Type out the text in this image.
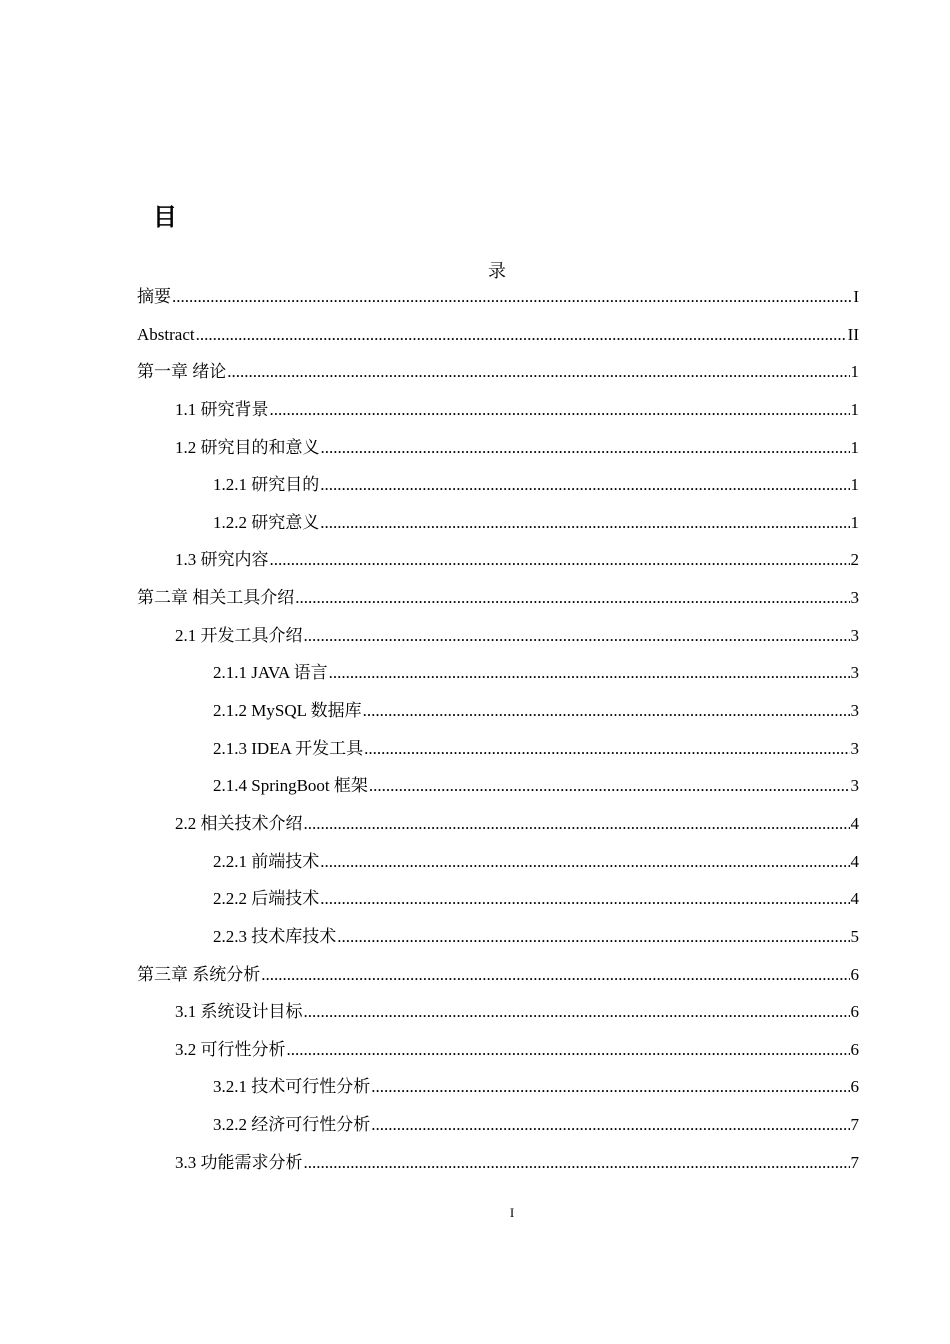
目
录
摘要 .....	I
Abstract .....	II
第一章 绪论 .....	1
1.1 研究背景 .....	1
1.2 研究目的和意义 .....	1
1.2.1 研究目的 .....	1
1.2.2 研究意义 .....	1
1.3 研究内容 .....	2
第二章 相关工具介绍 .....	3
2.1 开发工具介绍 .....	3
2.1.1 JAVA 语言 .....	3
2.1.2 MySQL 数据库 .....	3
2.1.3 IDEA 开发工具 .....	3
2.1.4 SpringBoot 框架 .....	3
2.2 相关技术介绍 .....	4
2.2.1 前端技术 .....	4
2.2.2 后端技术 .....	4
2.2.3 技术库技术 .....	5
第三章 系统分析 .....	6
3.1 系统设计目标 .....	6
3.2 可行性分析 .....	6
3.2.1 技术可行性分析 .....	6
3.2.2 经济可行性分析 .....	7
3.3 功能需求分析 .....	7
I
